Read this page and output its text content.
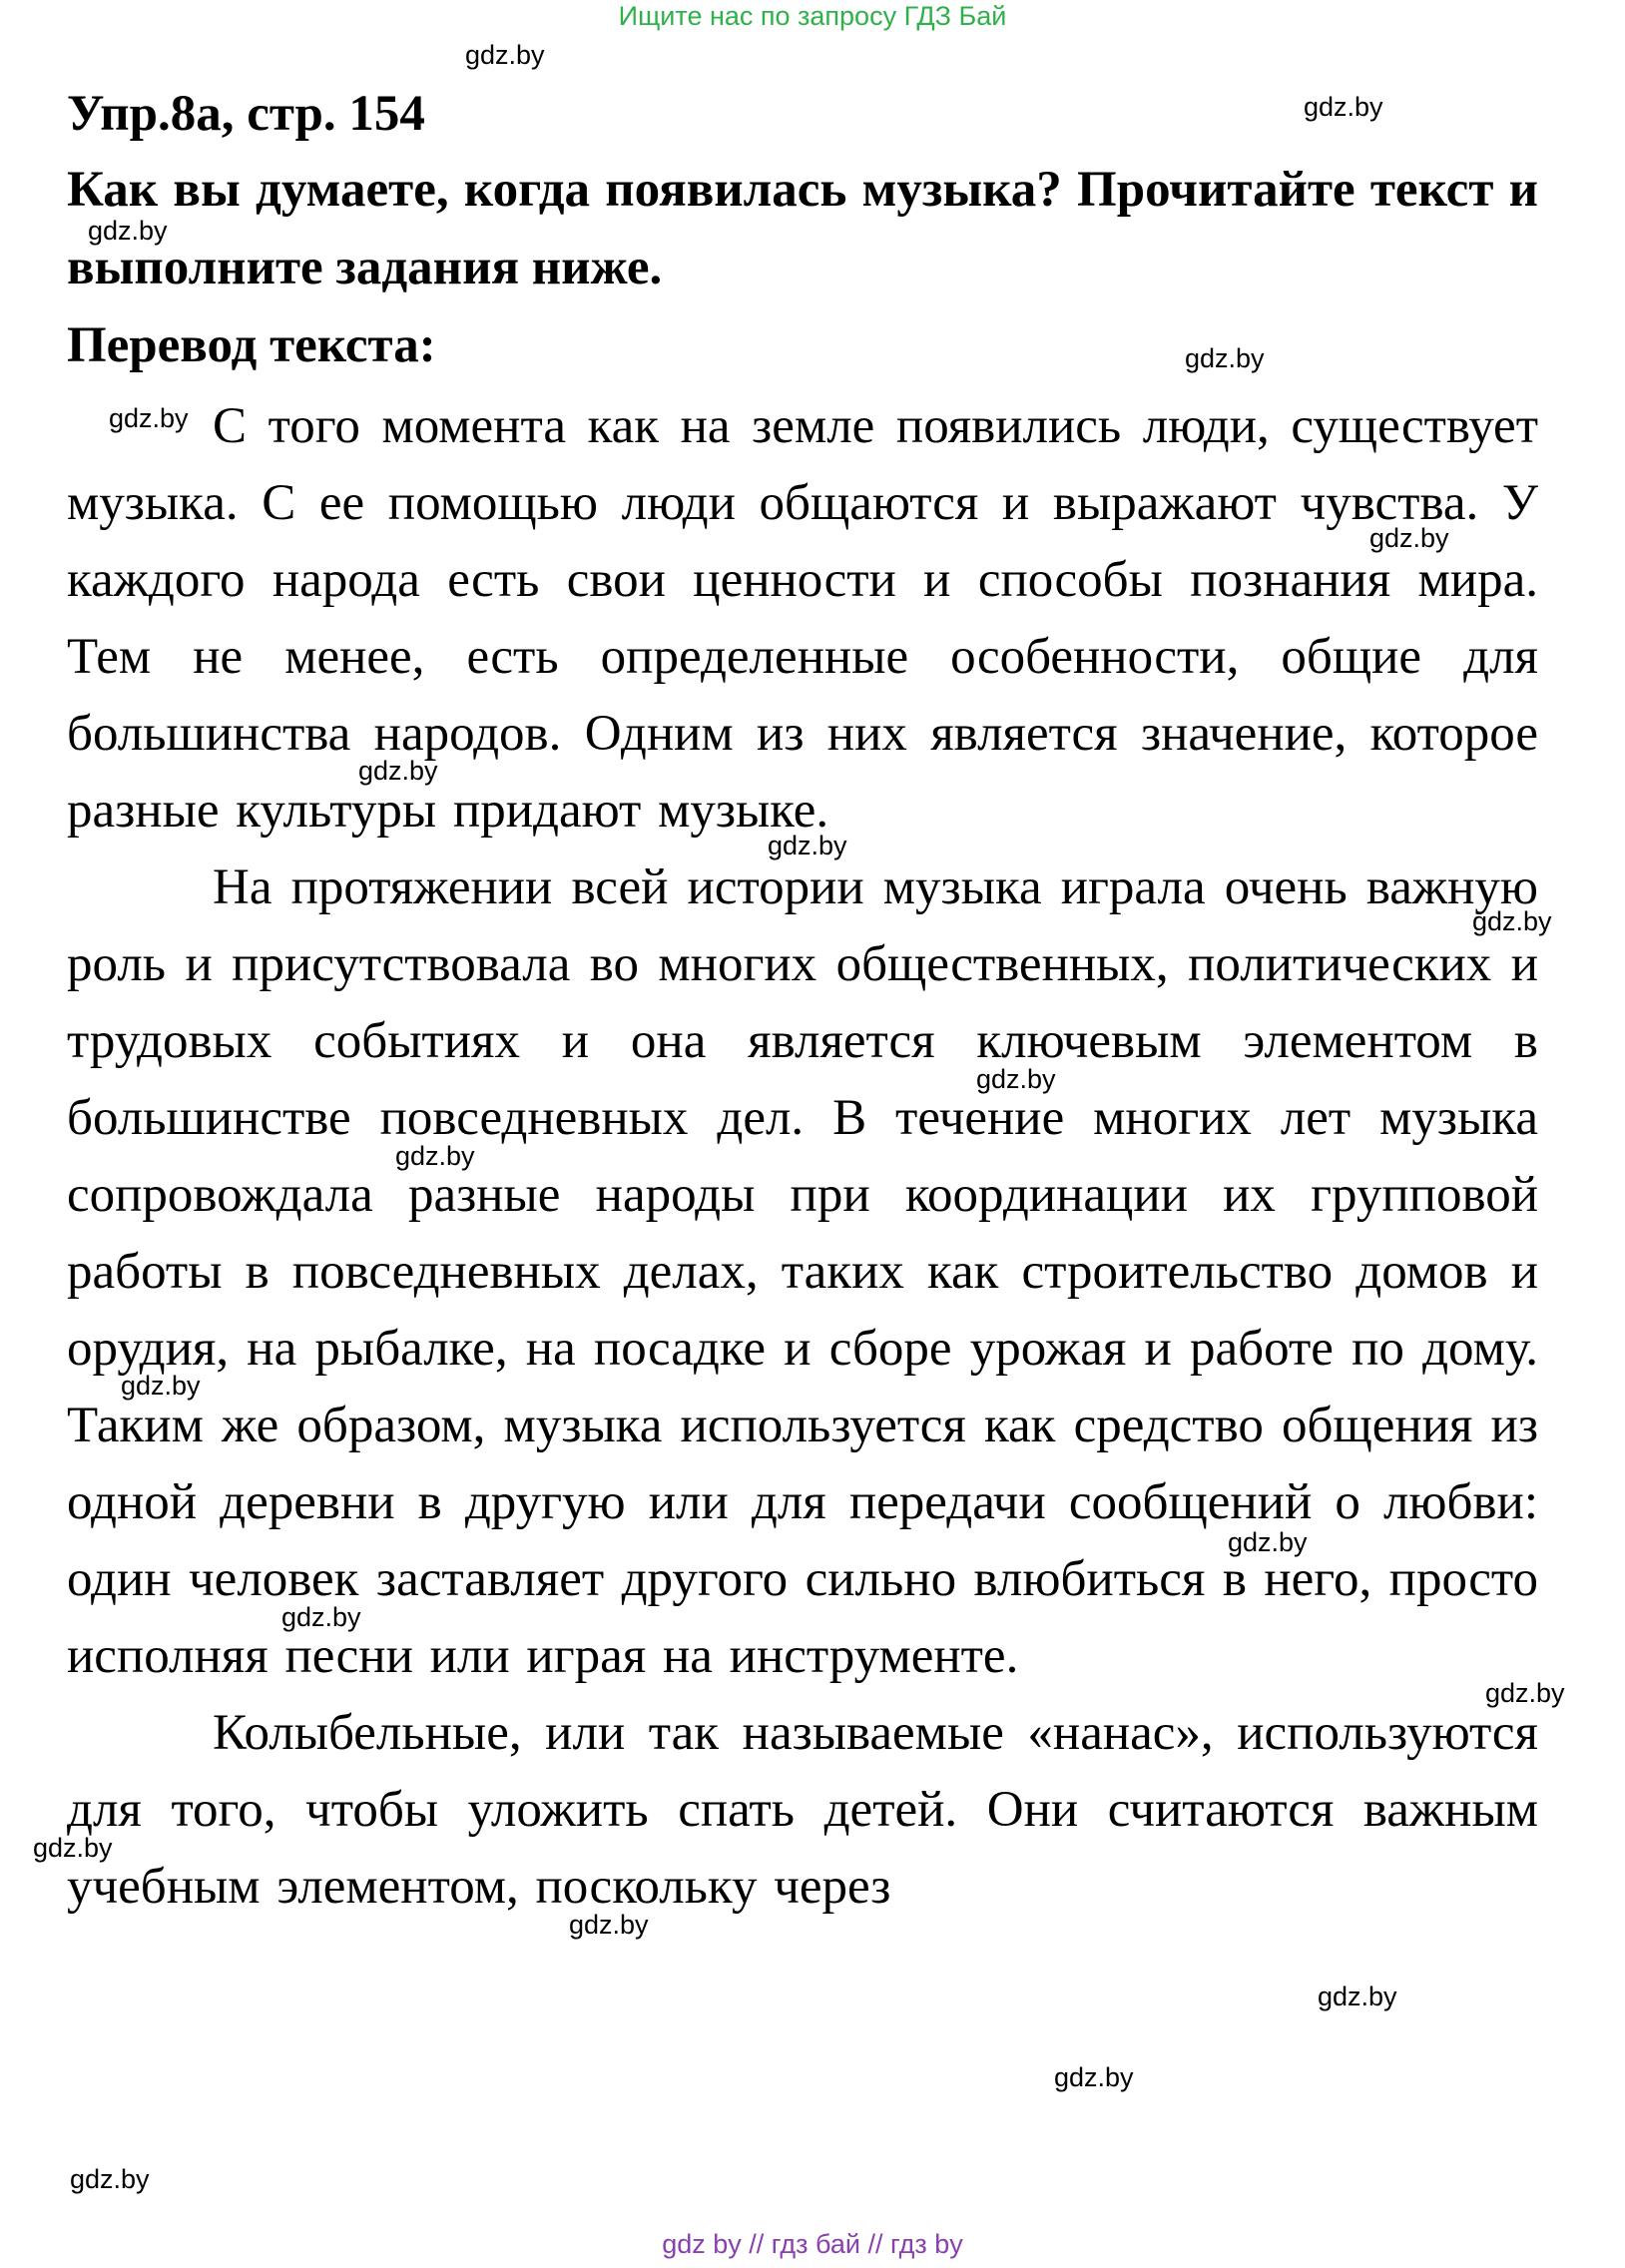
Ищите нас по запросу ГДЗ Бай
Упр.8а, стр. 154

Как вы думаете, когда появилась музыка? Прочитайте текст и выполните задания ниже.

Перевод текста:

С того момента как на земле появились люди, существует музыка. С ее помощью люди общаются и выражают чувства. У каждого народа есть свои ценности и способы познания мира. Тем не менее, есть определенные особенности, общие для большинства народов. Одним из них является значение, которое разные культуры придают музыке.

На протяжении всей истории музыка играла очень важную роль и присутствовала во многих общественных, политических и трудовых событиях и она является ключевым элементом в большинстве повседневных дел. В течение многих лет музыка сопровождала разные народы при координации их групповой работы в повседневных делах, таких как строительство домов и орудия, на рыбалке, на посадке и сборе урожая и работе по дому. Таким же образом, музыка используется как средство общения из одной деревни в другую или для передачи сообщений о любви: один человек заставляет другого сильно влюбиться в него, просто исполняя песни или играя на инструменте.

Колыбельные, или так называемые «нанас», используются для того, чтобы уложить спать детей. Они считаются важным учебным элементом, поскольку через

gdz.by
gdz.by
gdz.by
gdz.by
gdz.by
gdz.by
gdz.by
gdz.by
gdz.by
gdz.by
gdz.by
gdz.by
gdz.by
gdz.by
gdz.by
gdz.by
gdz.by
gdz.by
gdz.by
gdz.by
gdz by // гдз бай // гдз by
